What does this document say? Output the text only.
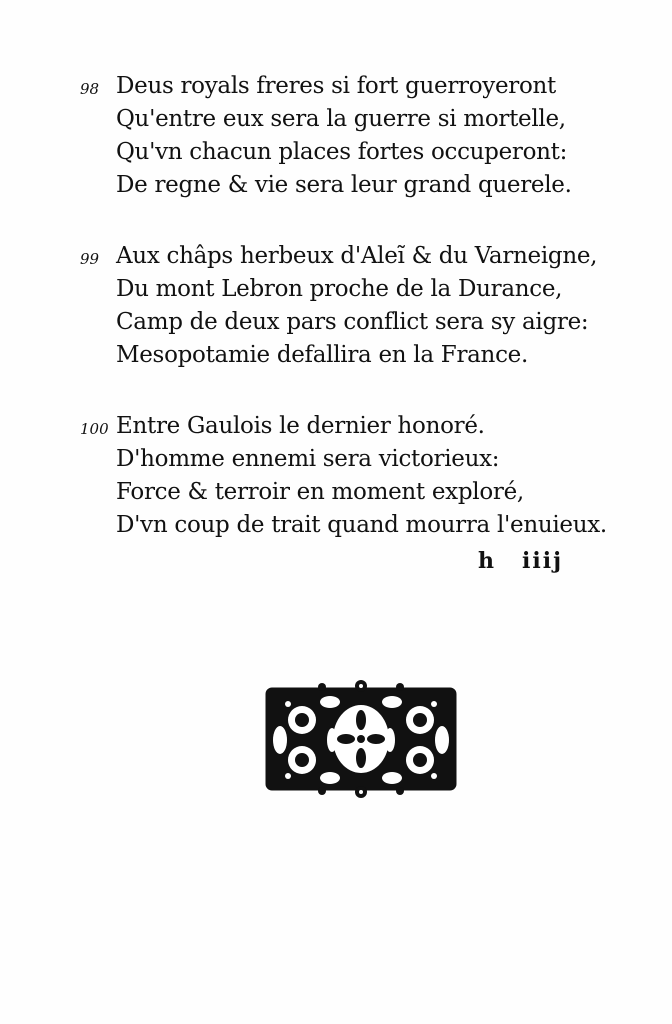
98 Deus royals freres si fort guerroyeront
Qu'entre eux sera la guerre si mortelle,
Qu'vn chacun places fortes occuperont:
De regne & vie sera leur grand querele.
99 Aux châps herbeux d'Aleĩ & du Varneigne,
Du mont Lebron proche de la Durance,
Camp de deux pars conflict sera sy aigre:
Mesopotamie defallira en la France.
100 Entre Gaulois le dernier honoré.
D'homme ennemi sera victorieux:
Force & terroir en moment exploré,
D'vn coup de trait quand mourra l'enuieux.
h iiij
